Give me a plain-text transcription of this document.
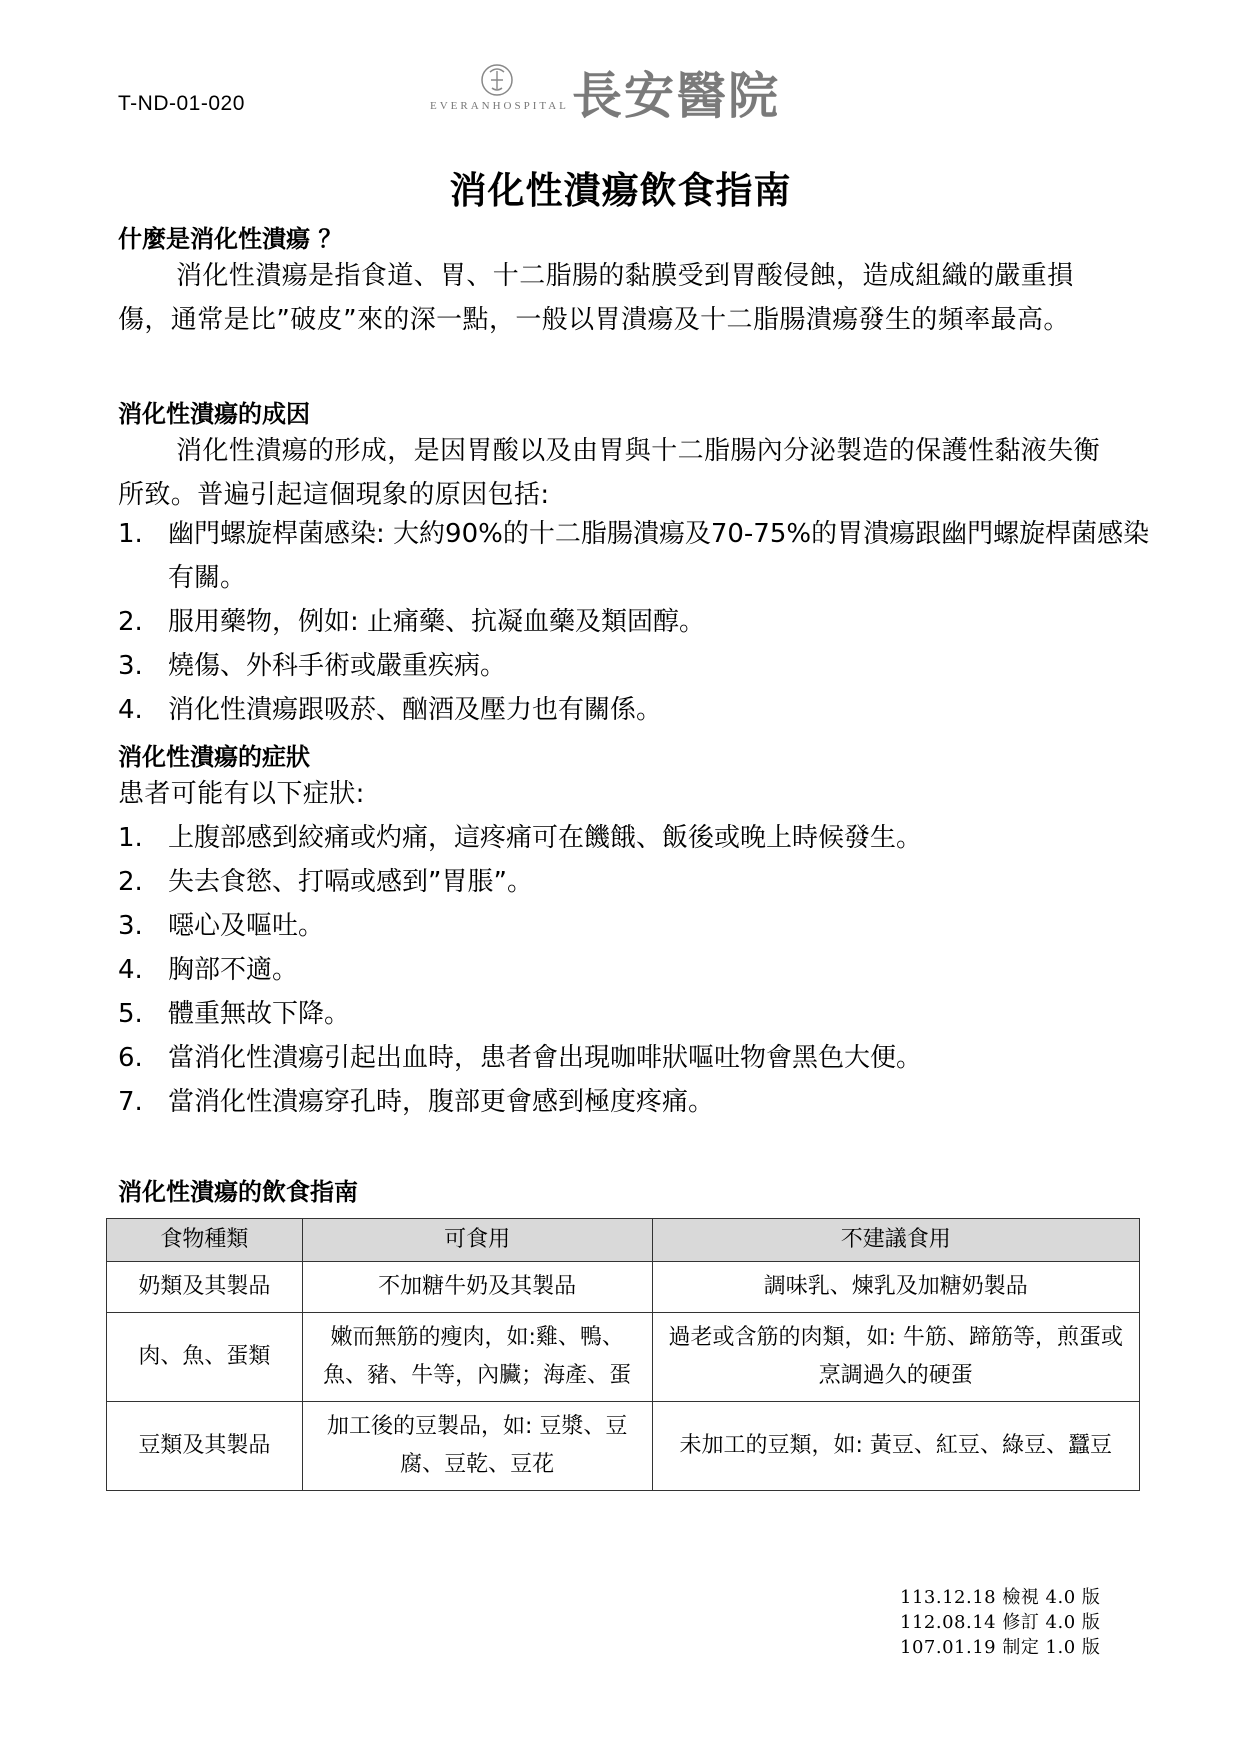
T-ND-01-020	EVERANHOSPITAL 長安醫院
消化性潰瘍飲食指南
什麼是消化性潰瘍 ？
消化性潰瘍是指食道、胃、十二脂腸的黏膜受到胃酸侵蝕，造成組織的嚴重損傷，通常是比”破皮”來的深一點，一般以胃潰瘍及十二脂腸潰瘍發生的頻率最高。
消化性潰瘍的成因
消化性潰瘍的形成，是因胃酸以及由胃與十二脂腸內分泌製造的保護性黏液失衡所致。普遍引起這個現象的原因包括:
1. 幽門螺旋桿菌感染: 大約90%的十二脂腸潰瘍及70-75%的胃潰瘍跟幽門螺旋桿菌感染有關。
2. 服用藥物，例如: 止痛藥、抗凝血藥及類固醇。
3. 燒傷、外科手術或嚴重疾病。
4. 消化性潰瘍跟吸菸、酗酒及壓力也有關係。
消化性潰瘍的症狀
患者可能有以下症狀:
1. 上腹部感到絞痛或灼痛，這疼痛可在饑餓、飯後或晚上時候發生。
2. 失去食慾、打嗝或感到”胃脹”。
3. 噁心及嘔吐。
4. 胸部不適。
5. 體重無故下降。
6. 當消化性潰瘍引起出血時，患者會出現咖啡狀嘔吐物會黑色大便。
7. 當消化性潰瘍穿孔時，腹部更會感到極度疼痛。
消化性潰瘍的飲食指南
食物種類	可食用	不建議食用
奶類及其製品	不加糖牛奶及其製品	調味乳、煉乳及加糖奶製品
肉、魚、蛋類	嫩而無筋的瘦肉，如:雞、鴨、魚、豬、牛等，內臟；海產、蛋	過老或含筋的肉類，如: 牛筋、蹄筋等，煎蛋或烹調過久的硬蛋
豆類及其製品	加工後的豆製品，如: 豆漿、豆腐、豆乾、豆花	未加工的豆類，如: 黃豆、紅豆、綠豆、蠶豆
113.12.18 檢視 4.0 版
112.08.14 修訂 4.0 版
107.01.19 制定 1.0 版
